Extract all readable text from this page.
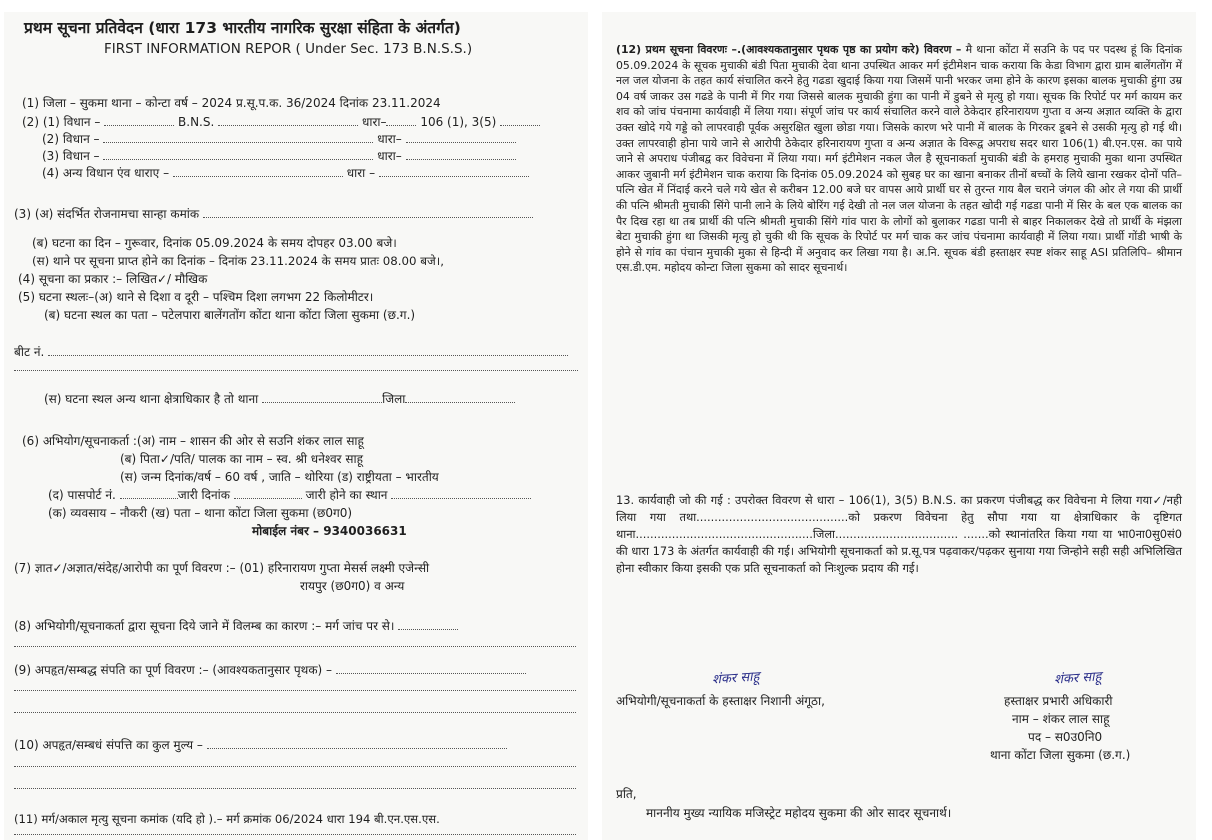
प्रथम सूचना प्रतिवेदन (धारा 173 भारतीय नागरिक सुरक्षा संहिता के अंतर्गत)
FIRST INFORMATION REPOR ( Under Sec. 173 B.N.S.S.)
(1) जिला – सुकमा थाना – कोन्टा वर्ष – 2024 प्र.सू.प.क. 36/2024 दिनांक 23.11.2024
(2) (1) विधान –	B.N.S.	धारा–	106 (1), 3(5)
(2) विधान –	धारा–
(3) विधान –	धारा–
(4) अन्य विधान एंव धाराए –	धारा –
(3) (अ) संदर्भित रोजनामचा सान्हा कमांक
(ब) घटना का दिन – गुरूवार, दिनांक 05.09.2024 के समय दोपहर 03.00 बजे।
(स) थाने पर सूचना प्राप्त होने का दिनांक – दिनांक 23.11.2024 के समय प्रातः 08.00 बजे।,
(4) सूचना का प्रकार :– लिखित✓/ मौखिक
(5) घटना स्थलः–(अ) थाने से दिशा व दूरी – पश्चिम दिशा लगभग 22 किलोमीटर।
(ब) घटना स्थल का पता – पटेलपारा बालेंगतोंग कोंटा थाना कोंटा जिला सुकमा (छ.ग.)
बीट नं.
(स) घटना स्थल अन्य थाना क्षेत्राधिकार है तो थाना	जिला
(6) अभियोग/सूचनाकर्ता :(अ) नाम – शासन की ओर से सउनि शंकर लाल साहू
(ब) पिता✓/पति/ पालक का नाम – स्व. श्री धनेश्वर साहू
(स) जन्म दिनांक/वर्ष – 60 वर्ष , जाति – थोरिया (ड) राष्ट्रीयता – भारतीय
(द) पासपोर्ट नं.	जारी दिनांक	जारी होने का स्थान
(क) व्यवसाय – नौकरी (ख) पता – थाना कोंटा जिला सुकमा (छ0ग0)
मोबाईल नंबर – 9340036631
(7) ज्ञात✓/अज्ञात/संदेह/आरोपी का पूर्ण विवरण :– (01) हरिनारायण गुप्ता मेसर्स लक्ष्मी एजेन्सी
रायपुर (छ0ग0) व अन्य
(8) अभियोगी/सूचनाकर्ता द्वारा सूचना दिये जाने में विलम्ब का कारण :– मर्ग जांच पर से।
(9) अपहृत/सम्बद्ध संपति का पूर्ण विवरण :– (आवश्यकतानुसार पृथक) –
(10) अपहृत/सम्बधं संपत्ति का कुल मुल्य –
(11) मर्ग/अकाल मृत्यु सूचना कमांक (यदि हो ).– मर्ग क्रमांक 06/2024 धारा 194 बी.एन.एस.एस.
(12) प्रथम सूचना विवरणः –.(आवश्यकतानुसार पृथक पृष्ठ का प्रयोग करे) विवरण – मै थाना कोंटा में सउनि के पद पर पदस्थ हूं कि दिनांक 05.09.2024 के सूचक मुचाकी बंडी पिता मुचाकी देवा थाना उपस्थित आकर मर्ग इंटीमेशन चाक कराया कि केडा विभाग द्वारा ग्राम बालेंगतोंग में नल जल योजना के तहत कार्य संचालित करने हेतु गढडा खुदाई किया गया जिसमें पानी भरकर जमा होने के कारण इसका बालक मुचाकी हुंगा उम्र 04 वर्ष जाकर उस गढडे के पानी में गिर गया जिससे बालक मुचाकी हुंगा का पानी में डुबने से मृत्यु हो गया। सूचक कि रिपोर्ट पर मर्ग कायम कर शव को जांच पंचनामा कार्यवाही में लिया गया। संपूर्ण जांच पर कार्य संचालित करने वाले ठेकेदार हरिनारायण गुप्ता व अन्य अज्ञात व्यक्ति के द्वारा उक्त खोदे गये गड्डे को लापरवाही पूर्वक असुरक्षित खुला छोडा गया। जिसके कारण भरे पानी में बालक के गिरकर डूबने से उसकी मृत्यु हो गई थी। उक्त लापरवाही होना पाये जाने से आरोपी ठेकेदार हरिनारायण गुप्ता व अन्य अज्ञात के विरूद्व अपराध सदर धारा 106(1) बी.एन.एस. का पाये जाने से अपराध पंजीबद्व कर विवेचना में लिया गया। मर्ग इंटीमेशन नकल जैल है सूचनाकर्ता मुचाकी बंडी के हमराह मुचाकी मुका थाना उपस्थित आकर जुबानी मर्ग इंटीमेशन चाक कराया कि दिनांक 05.09.2024 को सुबह घर का खाना बनाकर तीनों बच्चों के लिये खाना रखकर दोनों पति–पत्नि खेत में निंदाई करने चले गये खेत से करीबन 12.00 बजे घर वापस आये प्रार्थी घर से तुरन्त गाय बैल चराने जंगल की ओर ले गया की प्रार्थी की पत्नि श्रीमती मुचाकी सिंगे पानी लाने के लिये बोरिंग गई देखी तो नल जल योजना के तहत खोदी गई गढडा पानी में सिर के बल एक बालक का पैर दिख रहा था तब प्रार्थी की पत्नि श्रीमती मुचाकी सिंगे गांव पारा के लोगों को बुलाकर गढडा पानी से बाहर निकालकर देखे तो प्रार्थी के मंझला बेटा मुचाकी हुंगा था जिसकी मृत्यु हो चुकी थी कि सूचक के रिपोर्ट पर मर्ग चाक कर जांच पंचनामा कार्यवाही में लिया गया। प्रार्थी गोंडी भाषी के होने से गांव का पंचान मुचाकी मुका से हिन्दी में अनुवाद कर लिखा गया है। अ.नि. सूचक बंडी हस्ताक्षर स्पष्ट शंकर साहू ASI प्रतिलिपि– श्रीमान एस.डी.एम. महोदय कोन्टा जिला सुकमा को सादर सूचनार्थ।
13. कार्यवाही जो की गई : उपरोक्त विवरण से धारा – 106(1), 3(5) B.N.S. का प्रकरण पंजीबद्ध कर विवेचना मे लिया गया✓/नही लिया गया तथा..........................................को प्रकरण विवेचना हेतु सौपा गया या क्षेत्राधिकार के दृष्टिगत थाना.................................................जिला.................................. .......को स्थानांतरित किया गया या भा0ना0सु0सं0 की धारा 173 के अंतर्गत कार्यवाही की गई। अभियोगी सूचनाकर्ता को प्र.सू.पत्र पढ़वाकर/पढ़कर सुनाया गया जिन्होने सही सही अभिलिखित होना स्वीकार किया इसकी एक प्रति सूचनाकर्ता को निःशुल्क प्रदाय की गई।
शंकर साहू	शंकर साहू
अभियोगी/सूचनाकर्ता के हस्ताक्षर निशानी अंगूठा,	हस्ताक्षर प्रभारी अधिकारी
नाम – शंकर लाल साहू
पद – स0उ0नि0
थाना कोंटा जिला सुकमा (छ.ग.)
प्रति,
माननीय मुख्य न्यायिक मजिस्ट्रेट महोदय सुकमा की ओर सादर सूचनार्थ।
